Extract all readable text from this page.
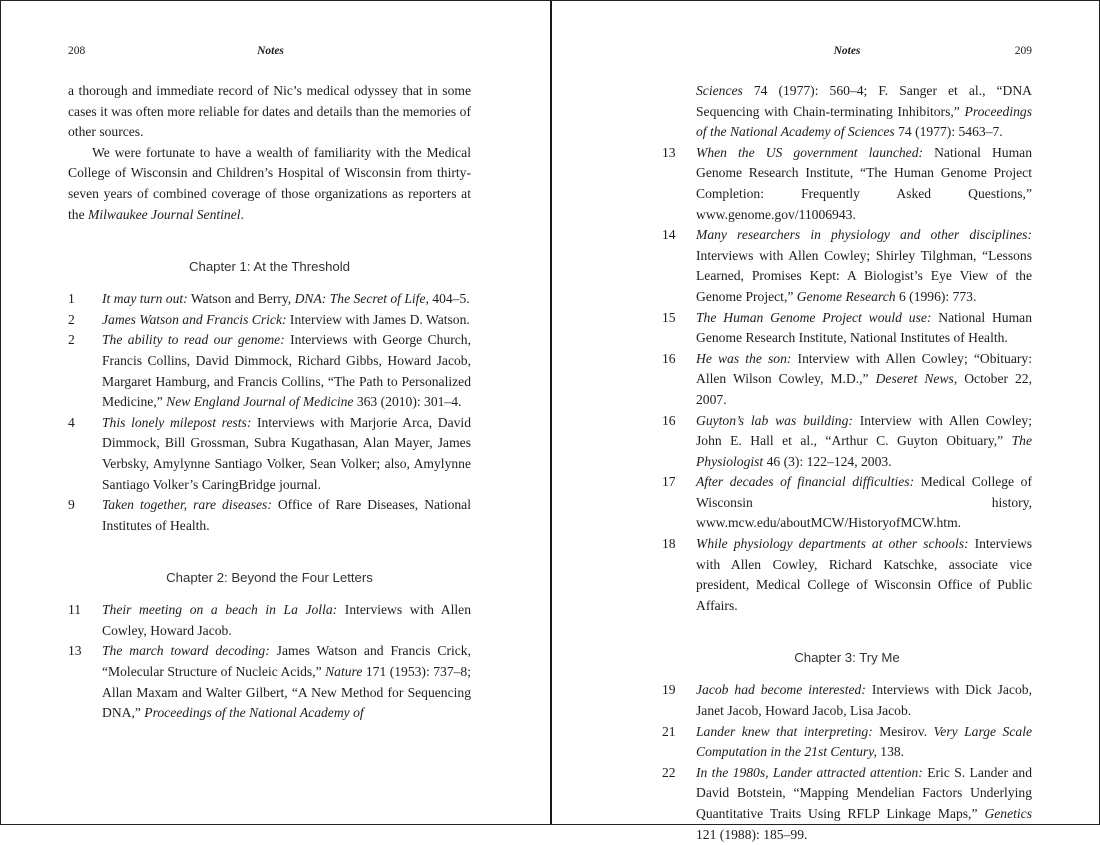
208	Notes

a thorough and immediate record of Nic’s medical odyssey that in some cases it was often more reliable for dates and details than the memories of other sources.

We were fortunate to have a wealth of familiarity with the Medical College of Wisconsin and Children’s Hospital of Wisconsin from thirty-seven years of combined coverage of those organizations as reporters at the Milwaukee Journal Sentinel.

Chapter 1: At the Threshold
1 It may turn out: Watson and Berry, DNA: The Secret of Life, 404–5.
2 James Watson and Francis Crick: Interview with James D. Watson.
2 The ability to read our genome: Interviews with George Church, Francis Collins, David Dimmock, Richard Gibbs, Howard Jacob, Margaret Hamburg, and Francis Collins, “The Path to Personalized Medicine,” New England Journal of Medicine 363 (2010): 301–4.
4 This lonely milepost rests: Interviews with Marjorie Arca, David Dimmock, Bill Grossman, Subra Kugathasan, Alan Mayer, James Verbsky, Amylynne Santiago Volker, Sean Volker; also, Amylynne Santiago Volker’s CaringBridge journal.
9 Taken together, rare diseases: Office of Rare Diseases, National Institutes of Health.
Chapter 2: Beyond the Four Letters
11 Their meeting on a beach in La Jolla: Interviews with Allen Cowley, Howard Jacob.
13 The march toward decoding: James Watson and Francis Crick, “Molecular Structure of Nucleic Acids,” Nature 171 (1953): 737–8; Allan Maxam and Walter Gilbert, “A New Method for Sequencing DNA,” Proceedings of the National Academy of
Notes	209

Sciences 74 (1977): 560–4; F. Sanger et al., “DNA Sequencing with Chain-terminating Inhibitors,” Proceedings of the National Academy of Sciences 74 (1977): 5463–7.

13 When the US government launched: National Human Genome Research Institute, “The Human Genome Project Completion: Frequently Asked Questions,” www.genome.gov/11006943.
14 Many researchers in physiology and other disciplines: Interviews with Allen Cowley; Shirley Tilghman, “Lessons Learned, Promises Kept: A Biologist’s Eye View of the Genome Project,” Genome Research 6 (1996): 773.
15 The Human Genome Project would use: National Human Genome Research Institute, National Institutes of Health.
16 He was the son: Interview with Allen Cowley; “Obituary: Allen Wilson Cowley, M.D.,” Deseret News, October 22, 2007.
16 Guyton’s lab was building: Interview with Allen Cowley; John E. Hall et al., “Arthur C. Guyton Obituary,” The Physiologist 46 (3): 122–124, 2003.
17 After decades of financial difficulties: Medical College of Wisconsin history, www.mcw.edu/aboutMCW/HistoryofMCW.htm.
18 While physiology departments at other schools: Interviews with Allen Cowley, Richard Katschke, associate vice president, Medical College of Wisconsin Office of Public Affairs.
Chapter 3: Try Me
19 Jacob had become interested: Interviews with Dick Jacob, Janet Jacob, Howard Jacob, Lisa Jacob.
21 Lander knew that interpreting: Mesirov. Very Large Scale Computation in the 21st Century, 138.
22 In the 1980s, Lander attracted attention: Eric S. Lander and David Botstein, “Mapping Mendelian Factors Underlying Quantitative Traits Using RFLP Linkage Maps,” Genetics 121 (1988): 185–99.
